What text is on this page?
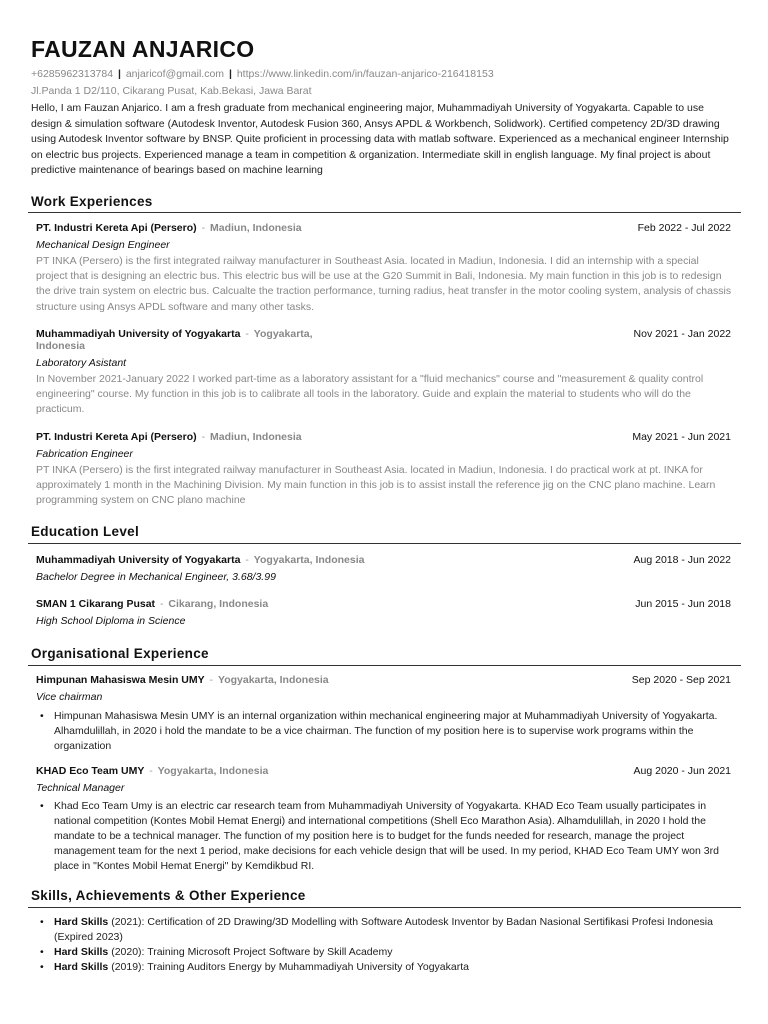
FAUZAN ANJARICO
+6285962313784 | anjaricof@gmail.com | https://www.linkedin.com/in/fauzan-anjarico-216418153
Jl.Panda 1 D2/110, Cikarang Pusat, Kab.Bekasi, Jawa Barat
Hello, I am Fauzan Anjarico. I am a fresh graduate from mechanical engineering major, Muhammadiyah University of Yogyakarta. Capable to use design & simulation software (Autodesk Inventor, Autodesk Fusion 360, Ansys APDL & Workbench, Solidwork). Certified competency 2D/3D drawing using Autodesk Inventor software by BNSP. Quite proficient in processing data with matlab software. Experienced as a mechanical engineer Internship on electric bus projects. Experienced manage a team in competition & organization. Intermediate skill in english language. My final project is about predictive maintenance of bearings based on machine learning
Work Experiences
PT. Industri Kereta Api (Persero) - Madiun, Indonesia	Feb 2022 - Jul 2022
Mechanical Design Engineer
PT INKA (Persero) is the first integrated railway manufacturer in Southeast Asia. located in Madiun, Indonesia. I did an internship with a special project that is designing an electric bus. This electric bus will be use at the G20 Summit in Bali, Indonesia. My main function in this job is to redesign the drive train system on electric bus. Calcualte the traction performance, turning radius, heat transfer in the motor cooling system, analysis of chassis structure using Ansys APDL software and many other tasks.
Muhammadiyah University of Yogyakarta - Yogyakarta,	Nov 2021 - Jan 2022
Indonesia
Laboratory Asistant
In November 2021-January 2022 I worked part-time as a laboratory assistant for a "fluid mechanics" course and "measurement & quality control engineering" course. My function in this job is to calibrate all tools in the laboratory. Guide and explain the material to students who will do the practicum.
PT. Industri Kereta Api (Persero) - Madiun, Indonesia	May 2021 - Jun 2021
Fabrication Engineer
PT INKA (Persero) is the first integrated railway manufacturer in Southeast Asia. located in Madiun, Indonesia. I do practical work at pt. INKA for approximately 1 month in the Machining Division. My main function in this job is to assist install the reference jig on the CNC plano machine. Learn programming system on CNC plano machine
Education Level
Muhammadiyah University of Yogyakarta - Yogyakarta, Indonesia	Aug 2018 - Jun 2022
Bachelor Degree in Mechanical Engineer, 3.68/3.99
SMAN 1 Cikarang Pusat - Cikarang, Indonesia	Jun 2015 - Jun 2018
High School Diploma in Science
Organisational Experience
Himpunan Mahasiswa Mesin UMY - Yogyakarta, Indonesia	Sep 2020 - Sep 2021
Vice chairman
• Himpunan Mahasiswa Mesin UMY is an internal organization within mechanical engineering major at Muhammadiyah University of Yogyakarta. Alhamdulillah, in 2020 i hold the mandate to be a vice chairman. The function of my position here is to supervise work programs within the organization
KHAD Eco Team UMY - Yogyakarta, Indonesia	Aug 2020 - Jun 2021
Technical Manager
• Khad Eco Team Umy is an electric car research team from Muhammadiyah University of Yogyakarta. KHAD Eco Team usually participates in national competition (Kontes Mobil Hemat Energi) and international competitions (Shell Eco Marathon Asia). Alhamdulillah, in 2020 I hold the mandate to be a technical manager. The function of my position here is to budget for the funds needed for research, manage the project management team for the next 1 period, make decisions for each vehicle design that will be used. In my period, KHAD Eco Team UMY won 3rd place in "Kontes Mobil Hemat Energi" by Kemdikbud RI.
Skills, Achievements & Other Experience
• Hard Skills (2021): Certification of 2D Drawing/3D Modelling with Software Autodesk Inventor by Badan Nasional Sertifikasi Profesi Indonesia (Expired 2023)
• Hard Skills (2020): Training Microsoft Project Software by Skill Academy
• Hard Skills (2019): Training Auditors Energy by Muhammadiyah University of Yogyakarta
